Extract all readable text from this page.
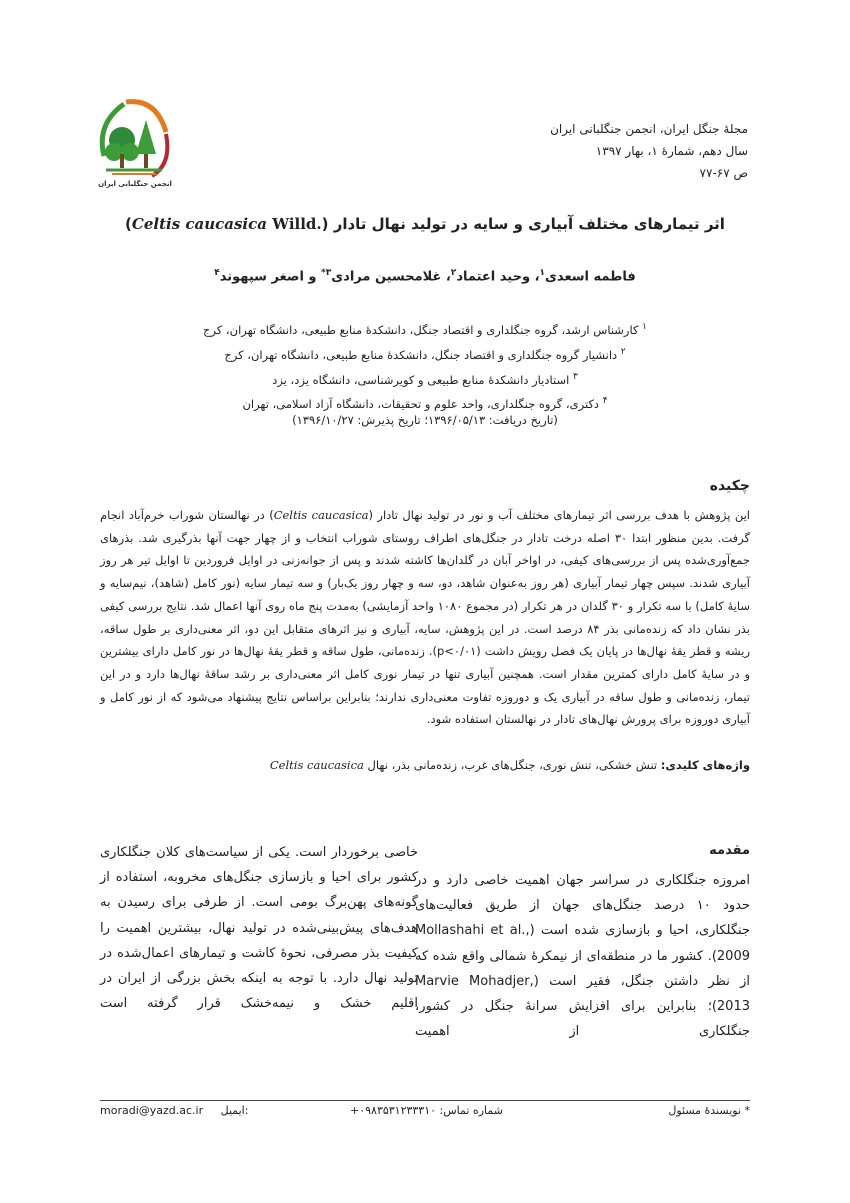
انجمن جنگلبانی ایران
مجلهٔ جنگل ایران، انجمن جنگلبانی ایران
سال دهم، شمارهٔ ۱، بهار ۱۳۹۷
ص ۶۷-۷۷
اثر تیمارهای مختلف آبیاری و سایه در تولید نهال تادار (Celtis caucasica Willd.)
فاطمه اسعدی$^۱$، وحید اعتماد$^۲$، غلامحسین مرادی$^{۳*}$ و اصغر سپهوند$^۴$
$^۱$ کارشناس ارشد، گروه جنگلداری و اقتصاد جنگل، دانشکدهٔ منابع طبیعی، دانشگاه تهران، کرج
$^۲$ دانشیار گروه جنگلداری و اقتصاد جنگل، دانشکدهٔ منابع طبیعی، دانشگاه تهران، کرج
$^۳$ استادیار دانشکدهٔ منابع طبیعی و کویرشناسی، دانشگاه یزد، یزد
$^۴$ دکتری، گروه جنگلداری، واحد علوم و تحقیقات، دانشگاه آزاد اسلامی، تهران
(تاریخ دریافت: ۱۳۹۶/۰۵/۱۳؛ تاریخ پذیرش: ۱۳۹۶/۱۰/۲۷)
چکیده
این پژوهش با هدف بررسی اثر تیمارهای مختلف آب و نور در تولید نهال تادار (Celtis caucasica) در نهالستان شوراب خرم‌آباد انجام گرفت. بدین منظور ابتدا ۳۰ اصله درخت تادار در جنگل‌های اطراف روستای شوراب انتخاب و از چهار جهت آنها بذرگیری شد. بذرهای جمع‌آوری‌شده پس از بررسی‌های کیفی، در اواخر آبان در گلدان‌ها کاشته شدند و پس از جوانه‌زنی در اوایل فروردین تا اوایل تیر هر روز آبیاری شدند. سپس چهار تیمار آبیاری (هر روز به‌عنوان شاهد، دو، سه و چهار روز یک‌بار) و سه تیمار سایه (نور کامل (شاهد)، نیم‌سایه و سایهٔ کامل) با سه تکرار و ۳۰ گلدان در هر تکرار (در مجموع ۱۰۸۰ واحد آزمایشی) به‌مدت پنج ماه روی آنها اعمال شد. نتایج بررسی کیفی بذر نشان داد که زنده‌مانی بذر ۸۴ درصد است. در این پژوهش، سایه، آبیاری و نیز اثرهای متقابل این دو، اثر معنی‌داری بر طول ساقه، ریشه و قطر یقهٔ نهال‌ها در پایان یک فصل رویش داشت (p<۰/۰۱). زنده‌مانی، طول ساقه و قطر یقهٔ نهال‌ها در نور کامل دارای بیشترین و در سایهٔ کامل دارای کمترین مقدار است. همچنین آبیاری تنها در تیمار نوری کامل اثر معنی‌داری بر رشد ساقهٔ نهال‌ها دارد و در این تیمار، زنده‌مانی و طول ساقه در آبیاری یک و دوروزه تفاوت معنی‌داری ندارند؛ بنابراین براساس نتایج پیشنهاد می‌شود که از نور کامل و آبیاری دوروزه برای پرورش نهال‌های تادار در نهالستان استفاده شود.
واژه‌های کلیدی: تنش خشکی، تنش نوری، جنگل‌های غرب، زنده‌مانی بذر، نهال Celtis caucasica
مقدمه

امروزه جنگلکاری در سراسر جهان اهمیت خاصی دارد و در حدود ۱۰ درصد جنگل‌های جهان از طریق فعالیت‌های جنگلکاری، احیا و بازسازی شده است (Mollashahi et al., 2009). کشور ما در منطقه‌ای از نیمکرهٔ شمالی واقع شده که از نظر داشتن جنگل، فقیر است (Marvie Mohadjer, 2013)؛ بنابراین برای افزایش سرانهٔ جنگل در کشور، جنگلکاری از اهمیت

خاصی برخوردار است. یکی از سیاست‌های کلان جنگلکاری کشور برای احیا و بازسازی جنگل‌های مخروبه، استفاده از گونه‌های پهن‌برگ بومی است. از طرفی برای رسیدن به هدف‌های پیش‌بینی‌شده در تولید نهال، بیشترین اهمیت را کیفیت بذر مصرفی، نحوهٔ کاشت و تیمارهای اعمال‌شده در تولید نهال دارد. با توجه به اینکه بخش بزرگی از ایران در اقلیم خشک و نیمه‌خشک قرار گرفته است

* نویسندهٔ مسئول
شماره تماس: ۰۹۸۳۵۳۱۲۳۳۳۱۰+
moradi@yazd.ac.ir ایمیل:
